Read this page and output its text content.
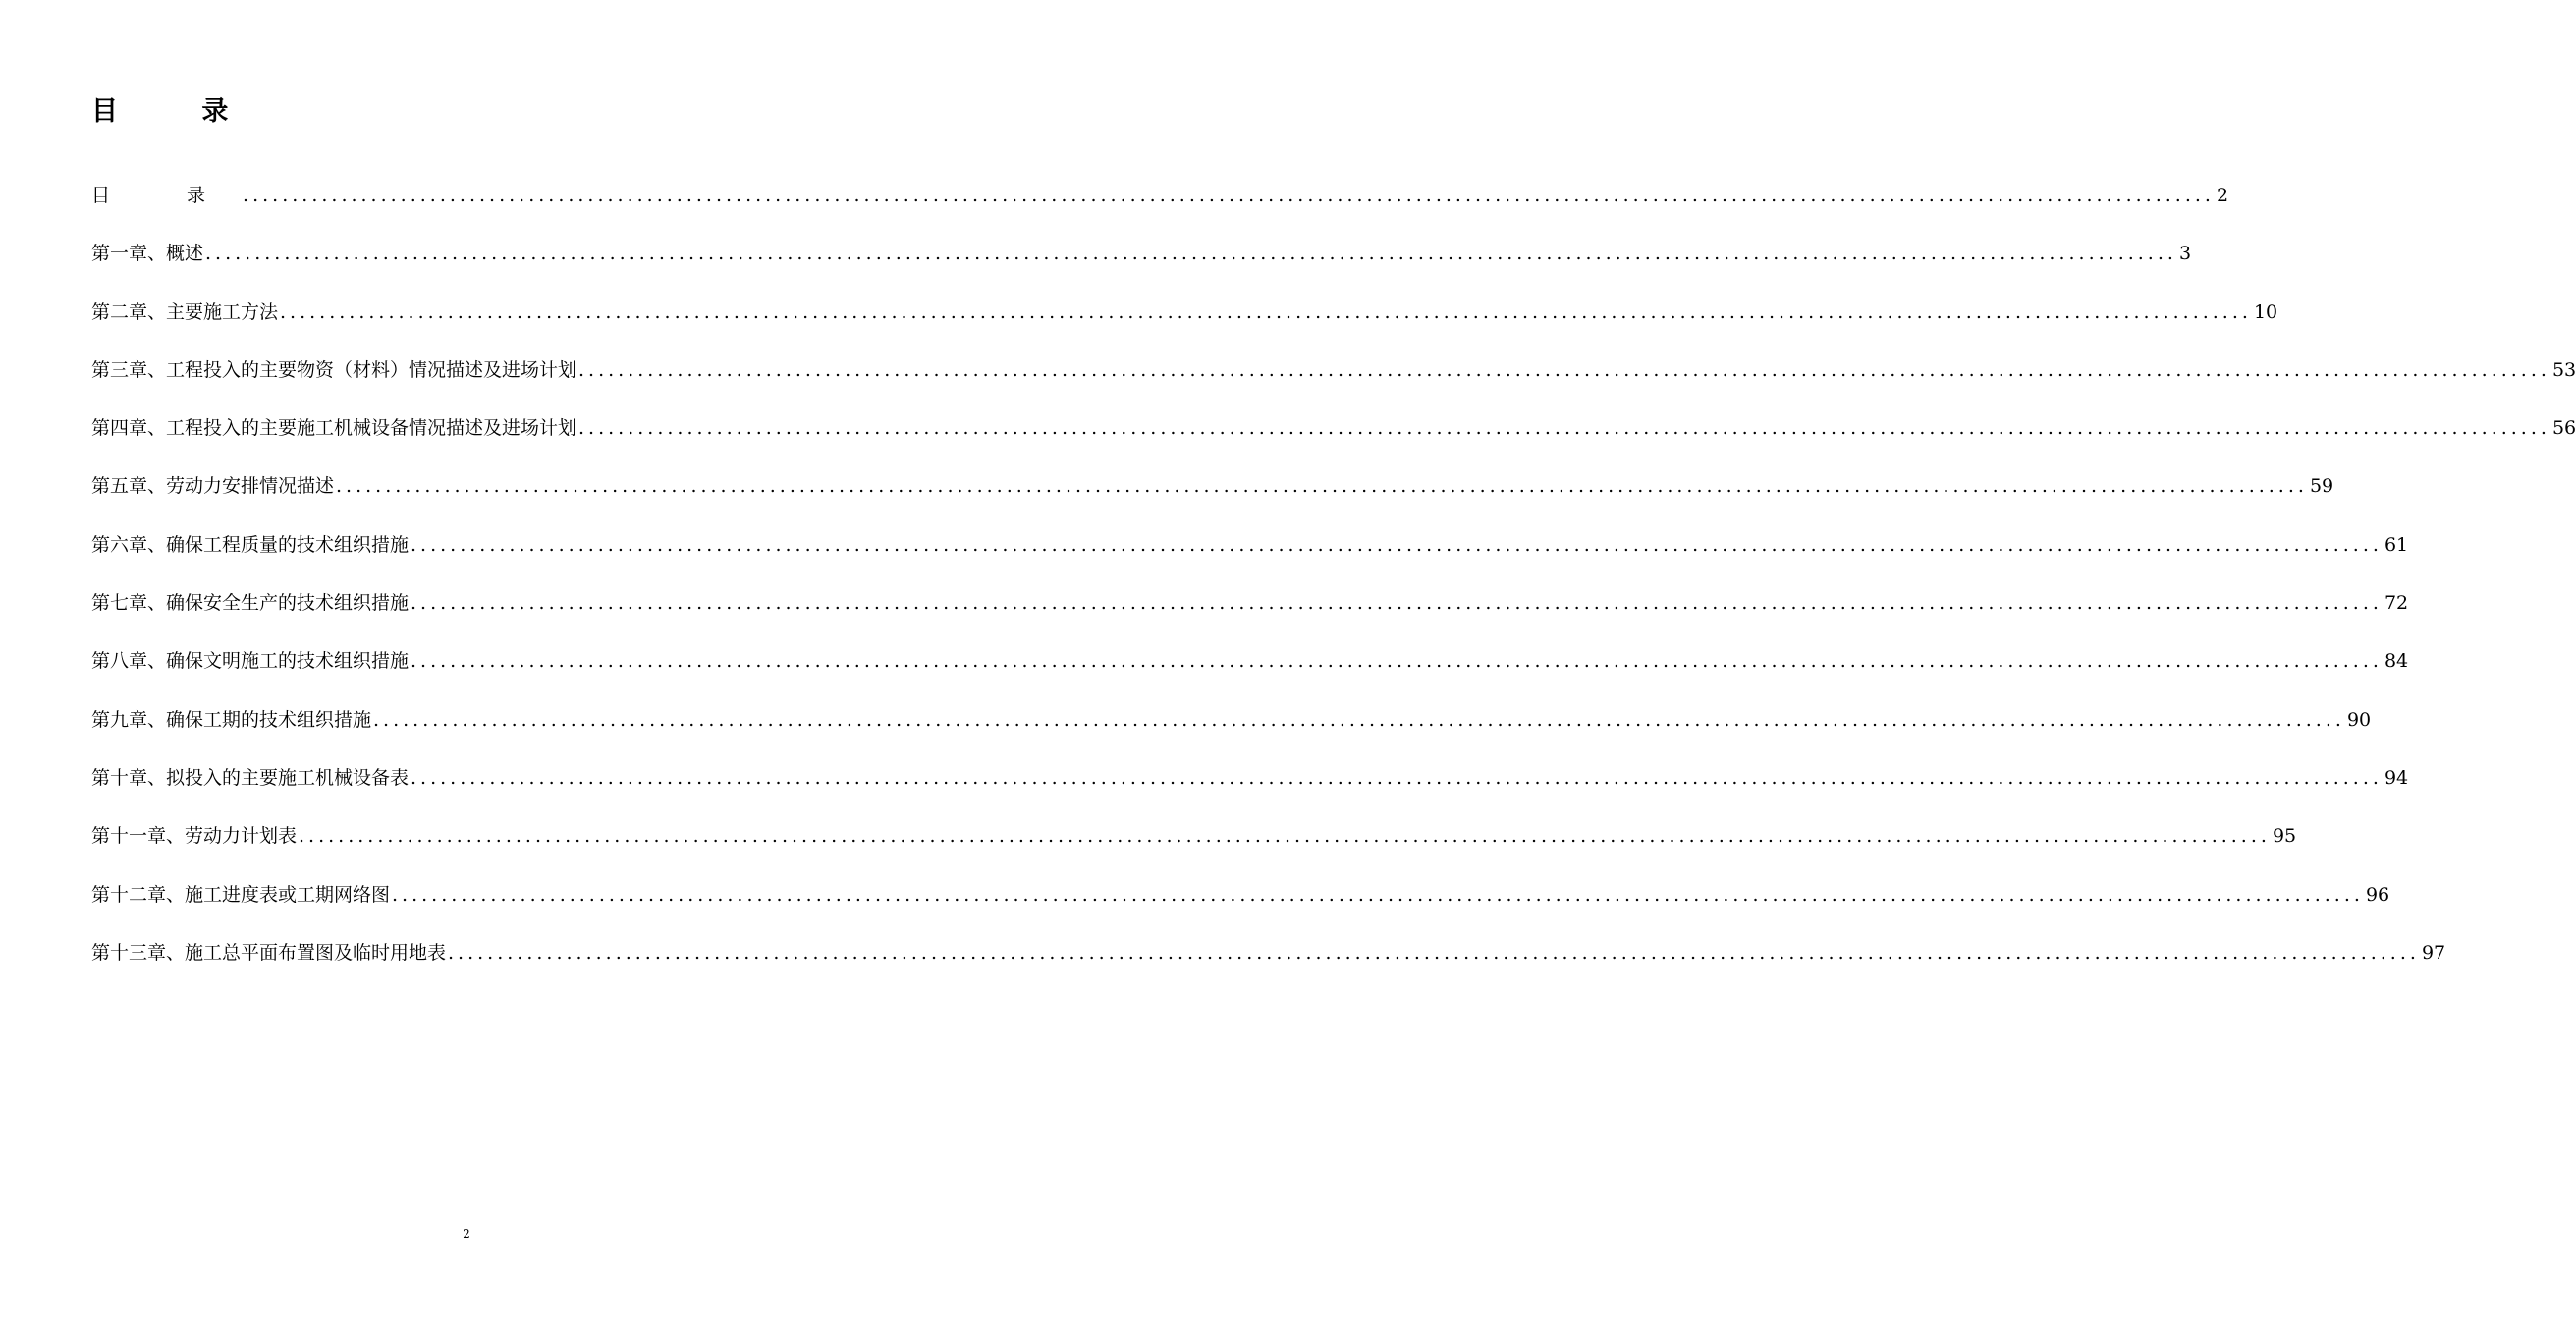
目 录
目 录 ........................................................................................................................................................................................................ 2
第一章、概述 ........................................................................................................................................................................................................ 3
第二章、主要施工方法 ........................................................................................................................................................................................................ 10
第三章、工程投入的主要物资（材料）情况描述及进场计划 ........................................................................................................................................................................................................ 53
第四章、工程投入的主要施工机械设备情况描述及进场计划 ........................................................................................................................................................................................................ 56
第五章、劳动力安排情况描述 ........................................................................................................................................................................................................ 59
第六章、确保工程质量的技术组织措施 ........................................................................................................................................................................................................ 61
第七章、确保安全生产的技术组织措施 ........................................................................................................................................................................................................ 72
第八章、确保文明施工的技术组织措施 ........................................................................................................................................................................................................ 84
第九章、确保工期的技术组织措施 ........................................................................................................................................................................................................ 90
第十章、拟投入的主要施工机械设备表 ........................................................................................................................................................................................................ 94
第十一章、劳动力计划表 ........................................................................................................................................................................................................ 95
第十二章、施工进度表或工期网络图 ........................................................................................................................................................................................................ 96
第十三章、施工总平面布置图及临时用地表 ........................................................................................................................................................................................................ 97
2
